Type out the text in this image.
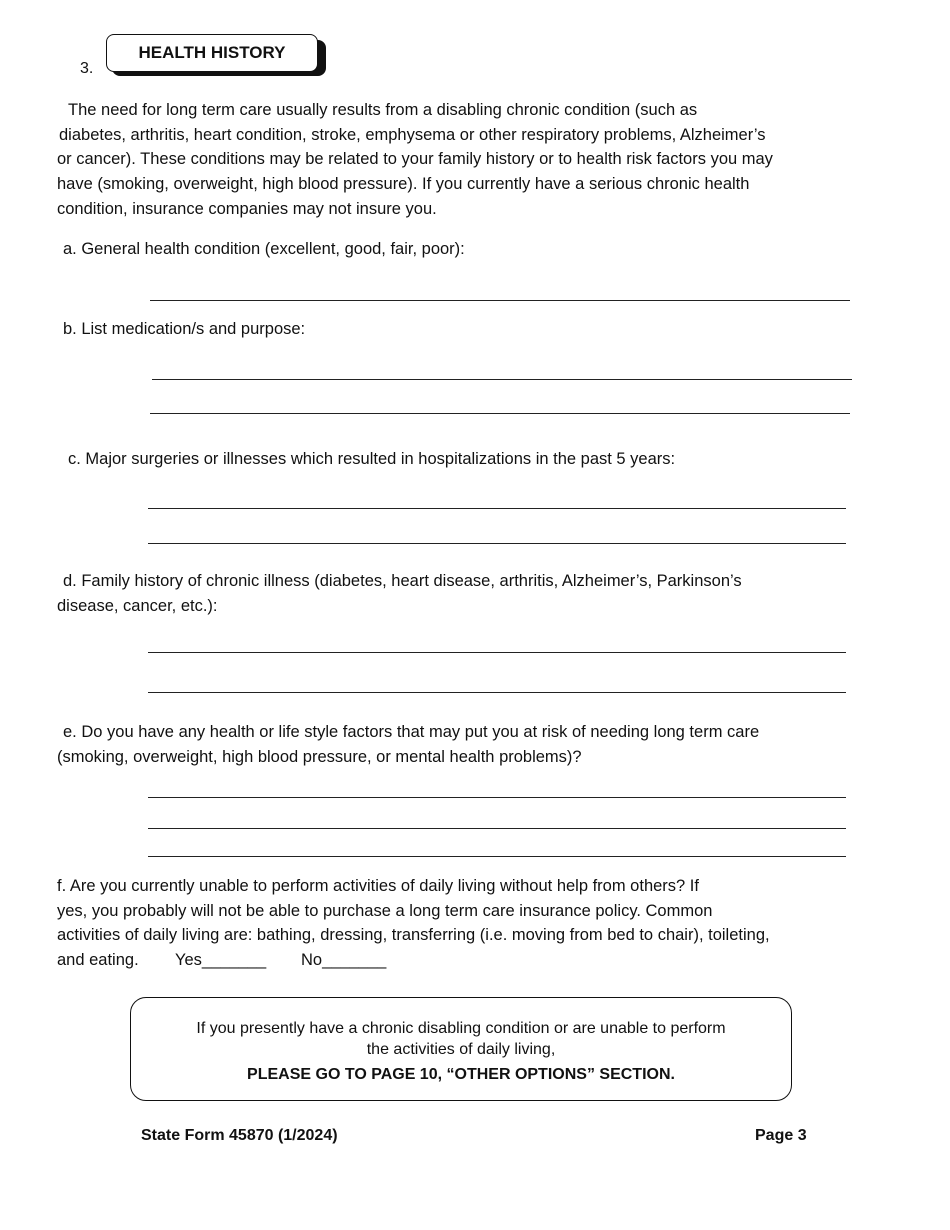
3.
HEALTH HISTORY
The need for long term care usually results from a disabling chronic condition (such as
diabetes, arthritis, heart condition, stroke, emphysema or other respiratory problems, Alzheimer’s
or cancer). These conditions may be related to your family history or to health risk factors you may
have (smoking, overweight, high blood pressure). If you currently have a serious chronic health
condition, insurance companies may not insure you.
a. General health condition (excellent, good, fair, poor):
b. List medication/s and purpose:
c. Major surgeries or illnesses which resulted in hospitalizations in the past 5 years:
d. Family history of chronic illness (diabetes, heart disease, arthritis, Alzheimer’s, Parkinson’s
disease, cancer, etc.):
e. Do you have any health or life style factors that may put you at risk of needing long term care
(smoking, overweight, high blood pressure, or mental health problems)?
f. Are you currently unable to perform activities of daily living without help from others? If
yes, you probably will not be able to purchase a long term care insurance policy. Common
activities of daily living are: bathing, dressing, transferring (i.e. moving from bed to chair), toileting,
and eating. Yes_______ No_______
If you presently have a chronic disabling condition or are unable to perform
the activities of daily living,
PLEASE GO TO PAGE 10, “OTHER OPTIONS” SECTION.
State Form 45870 (1/2024)	Page 3
